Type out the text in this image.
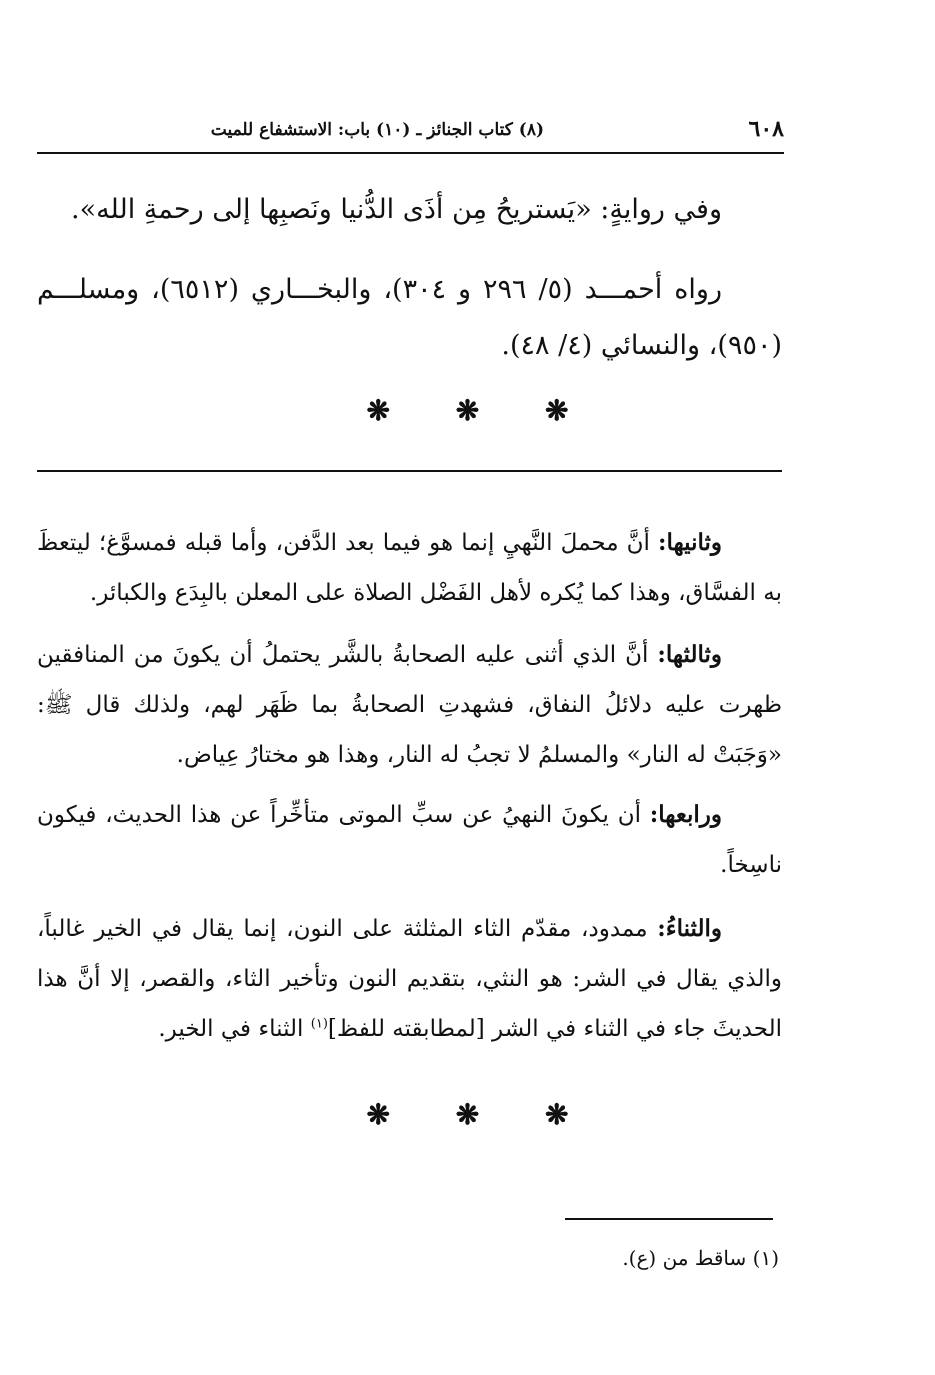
٦٠٨
(٨) كتاب الجنائز ـ (١٠) باب: الاستشفاع للميت
وفي روايةٍ: «يَستريحُ مِن أذَى الدُّنيا ونَصبِها إلى رحمةِ الله».
رواه أحمـــد (٥/ ٢٩٦ و ٣٠٤)، والبخـــاري (٦٥١٢)، ومسلـــم (٩٥٠)، والنسائي (٤/ ٤٨).
❋ ❋ ❋
وثانيها: أنَّ محملَ النَّهيِ إنما هو فيما بعد الدَّفن، وأما قبله فمسوَّغ؛ ليتعظَ به الفسَّاق، وهذا كما يُكره لأهل الفَضْل الصلاة على المعلن بالبِدَع والكبائر.
وثالثها: أنَّ الذي أثنى عليه الصحابةُ بالشَّر يحتملُ أن يكونَ من المنافقين ظهرت عليه دلائلُ النفاق، فشهدتِ الصحابةُ بما ظَهَر لهم، ولذلك قال ﷺ: «وَجَبَتْ له النار» والمسلمُ لا تجبُ له النار، وهذا هو مختارُ عِياض.
ورابعها: أن يكونَ النهيُ عن سبِّ الموتى متأخِّراً عن هذا الحديث، فيكون ناسِخاً.
والثناءُ: ممدود، مقدّم الثاء المثلثة على النون، إنما يقال في الخير غالباً، والذي يقال في الشر: هو النثي، بتقديم النون وتأخير الثاء، والقصر، إلا أنَّ هذا الحديثَ جاء في الثناء في الشر [لمطابقته للفظ]$^{(١)}$ الثناء في الخير.
❋ ❋ ❋
(١) ساقط من (ع).
